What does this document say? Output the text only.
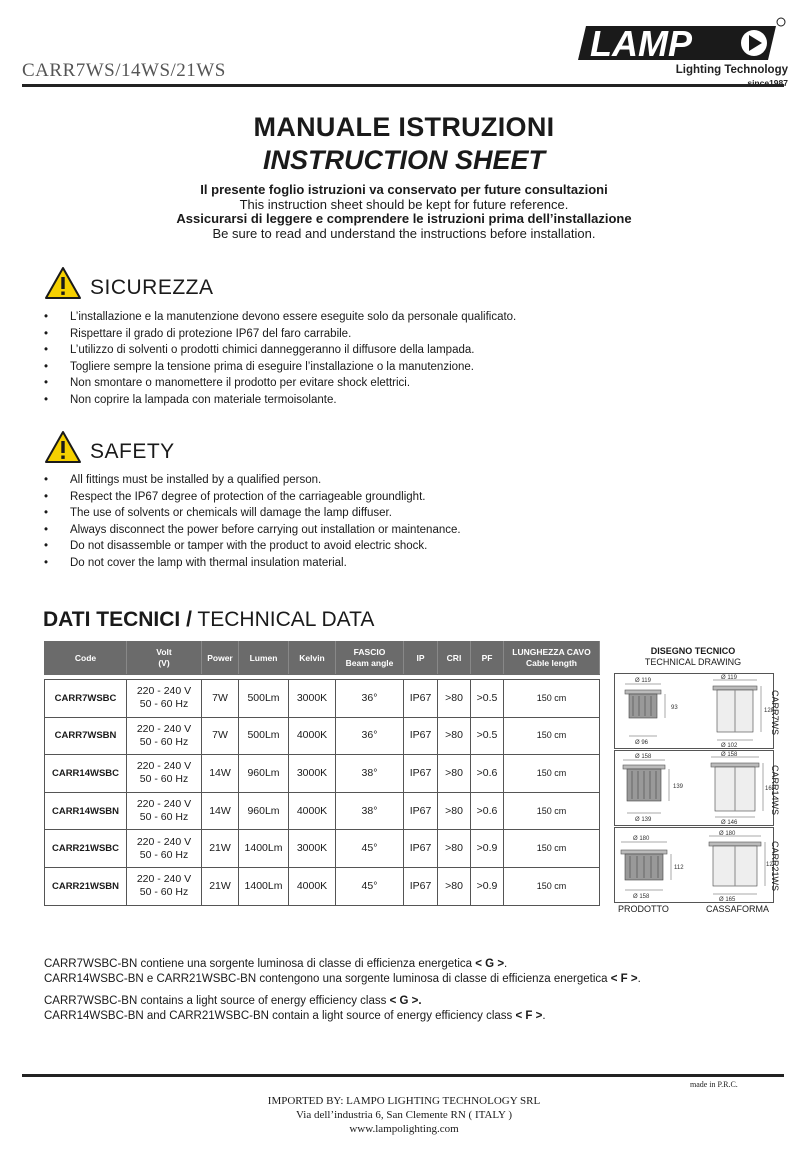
CARR7WS/14WS/21WS
LAMP
Lighting Technology
since1987
MANUALE ISTRUZIONI
INSTRUCTION SHEET
Il presente foglio istruzioni va conservato per future consultazioni
This instruction sheet should be kept for future reference.
Assicurarsi di leggere e comprendere le istruzioni prima dell’installazione
Be sure to read and understand the instructions before installation.
SICUREZZA
• L’installazione e la manutenzione devono essere eseguite solo da personale qualificato.
• Rispettare il grado di protezione IP67 del faro carrabile.
• L’utilizzo di solventi o prodotti chimici danneggeranno il diffusore della lampada.
• Togliere sempre la tensione prima di eseguire l’installazione o la manutenzione.
• Non smontare o manomettere il prodotto per evitare shock elettrici.
• Non coprire la lampada con materiale termoisolante.
SAFETY
• All fittings must be installed by a qualified person.
• Respect the IP67 degree of protection of the carriageable groundlight.
• The use of solvents or chemicals will damage the lamp diffuser.
• Always disconnect the power before carrying out installation or maintenance.
• Do not disassemble or tamper with the product to avoid electric shock.
• Do not cover the lamp with thermal insulation material.
DATI TECNICI / TECHNICAL DATA
Code	Volt
(V)	Power	Lumen	Kelvin	FASCIO
Beam angle	IP	CRI	PF	LUNGHEZZA CAVO
Cable length

CARR7WSBC	220 - 240 V
50 - 60 Hz	7W	500Lm	3000K	36°	IP67	>80	>0.5	150 cm
CARR7WSBN	220 - 240 V
50 - 60 Hz	7W	500Lm	4000K	36°	IP67	>80	>0.5	150 cm
CARR14WSBC	220 - 240 V
50 - 60 Hz	14W	960Lm	3000K	38°	IP67	>80	>0.6	150 cm
CARR14WSBN	220 - 240 V
50 - 60 Hz	14W	960Lm	4000K	38°	IP67	>80	>0.6	150 cm
CARR21WSBC	220 - 240 V
50 - 60 Hz	21W	1400Lm	3000K	45°	IP67	>80	>0.9	150 cm
CARR21WSBN	220 - 240 V
50 - 60 Hz	21W	1400Lm	4000K	45°	IP67	>80	>0.9	150 cm
DISEGNO TECNICO
TECHNICAL DRAWING
Ø 119
Ø 96
93
Ø 119
Ø 102
128
Ø 158
Ø 139
139
Ø 158
Ø 146
16
Ø 180
Ø 158
112
Ø 180
Ø 165
12
CARR7WS
CARR14WS
CARR21WS
PRODOTTO	CASSAFORMA
CARR7WSBC-BN contiene una sorgente luminosa di classe di efficienza energetica < G >.
CARR14WSBC-BN e CARR21WSBC-BN contengono una sorgente luminosa di classe di efficienza energetica < F >.
CARR7WSBC-BN contains a light source of energy efficiency class < G >.
CARR14WSBC-BN and CARR21WSBC-BN contain a light source of energy efficiency class < F >.
made in P.R.C.
IMPORTED BY: LAMPO LIGHTING TECHNOLOGY SRL
Via dell’industria 6, San Clemente RN ( ITALY )
www.lampolighting.com
